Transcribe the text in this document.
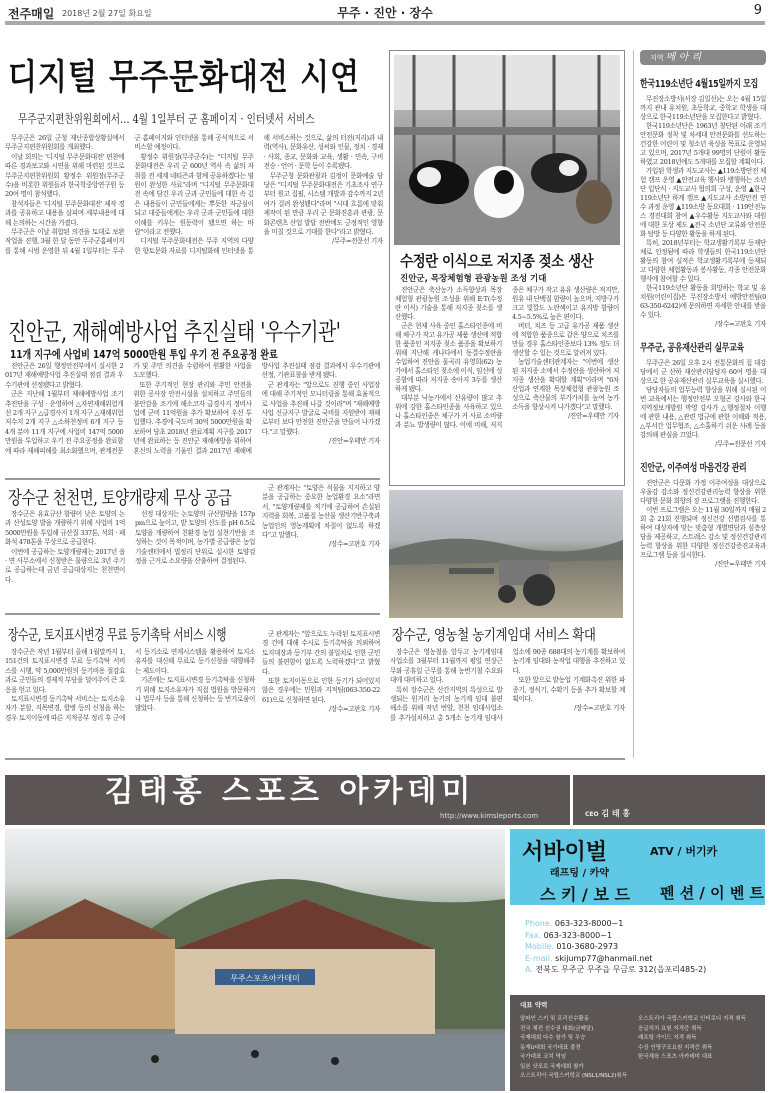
전주매일 2018년 2월 27일 화요일	무주 · 진안 · 장수	9
디지털 무주문화대전 시연
무주군지편찬위원회에서… 4월 1일부터 군 홈페이지 · 인터넷서 서비스

무주군은 26일 군청 재난종합상황실에서 무주군지편찬위원회를 개최했다.

이날 회의는 '디지털 무주문화대전' 편찬에 따른 경과보고와 시연을 위해 마련된 것으로 무주군지편찬위원회 황정수 위원장(무주군수)을 비롯한 위원들과 한국학중앙연구원 등 20여 명이 참석했다.

참석자들은 '디지털 무주문화대전' 제작 경과를 공유하고 내용을 살피며 세부내용에 대해 논의하는 시간을 가졌다.

무주군은 이날 취합된 의견을 토대로 보완작업을 진행, 3월 한 달 동안 무주군홈페이지를 통해 시범 운영한 뒤 4월 1일부터는 무주군 홈페이지와 인터넷을 통해 공식적으로 서비스할 예정이다.

황정수 위원장(무주군수)는 "디지털 무주문화대전은 우리 군 600년 역사 속 삶의 자취를 전 세계 네티즌과 함께 공유하겠다는 염원이 완성한 사료"라며 "디지털 무주문화대전 속에 담긴 우리 군과 군민들에 대한 속 깊은 내용들이 군민들에게는 뿌듯한 자긍심이 되고 대중들에게는 우리 군과 군민들에 대한 이해를 키우는 원동력이 됐으면 하는 바람"이라고 전했다.

디지털 무주문화대전은 무주 지역의 다양한 향토문화 자료를 디지털화해 인터넷을 통해 서비스하는 것으로, 삶의 터전(지리)과 내력(역사), 문화유산, 성씨와 인물, 정치 · 경제 · 사회, 종교, 문화와 교육, 생활 · 민속, 구비전승 · 언어 · 문학 등이 수록됐다.

무주군청 문화관광과 김정이 문화예술 담당은 "디지털 무주문화대전은 기초조사 연구부터 원고 집필, 시스템 개발과 감수까지 2년여가 걸려 완성됐다"라며 "시대 흐름에 맞춰 제작이 된 만큼 우리 군 문화진흥과 관광, 문화콘텐츠 산업 발달 전반에도 긍정적인 영향을 미칠 것으로 기대를 한다"라고 밝혔다.

/무주=전문선 기자
수정란 이식으로 저지종 젖소 생산
진안군, 목장체험형 관광농원 조성 기대

진안군은 축산농가 소득향상과 목장체험형 관광농원 조성을 위해 E·T(수정란 이식) 기술을 통해 저지종 젖소를 생산했다.

군은 현재 사육 중인 홀스타인종에 비해 체구가 작고 유가공 제품 생산에 적합한 품종인 저지종 젖소 품종을 확보하기 위해 지난해 캐나다에서 동결수정란을 수입하여 진안읍 물곡리 유영희(62) 농가에서 홀스타인 젖소에 이식, 임신에 성공함에 따라 저지종 송아지 3두를 생산하게 됐다.

대부분 낙농가에서 산유량이 많고 추위에 강한 홀스타인종을 사육하고 있으나 홀스타인종은 체구가 커 사료 소비량과 분뇨 발생량이 많다. 이에 비해, 저지종은 체구가 작고 유유 생산량은 적지만, 원유 내 단백질 함량이 높으며, 지방구가 크고 빛깔도 노란색이고 유지방 함량이 4.5~5.5%로 높은 편이다.

버터, 치즈 등 고급 유가공 제품 생산에 적합한 품종으로 같은 양으로 치즈를 만들 경우 홀스타인종보다 13% 정도 더 생산할 수 있는 것으로 알려져 있다.

농업기술센터관계자는 "이번에 생산된 저지종 소에서 수정란을 생산하여 저지종 생산을 확대할 계획"이라며 "6차 산업과 연계한 목장체험형 관광농원 조성으로 축산물의 부가가치를 높여 농가소득을 향상시켜 나가겠다"고 말했다.

/진안=우태만 기자
진안군, 재해예방사업 추진실태 '우수기관'
11개 지구에 사업비 147억 5000만원 투입 우기 전 주요공정 완료

진안군은 26일 행정안전부에서 실시한 2017년 재해예방사업 추진실태 점검 결과 우수기관에 선정됐다고 밝혔다.

군은 지난해 1월부터 재해예방사업 조기추진단을 구성 · 운영하여 △자연재해위험개선 2개 지구 △급경사지 1개 지구 △재해위험저수지 2개 지구 △소하천정비 6개 지구 등 4개 분야 11개 지구에 사업비 147억 5000만원을 투입하고 우기 전 주요공정을 완료함에 따라 재해피해를 최소화했으며, 관계전문가 및 주민 의견을 수렴하여 원활한 사업을 도모했다.

또한 주기적인 현장 관리와 주민 안전을 위한 공사장 안전시설을 설치하고 주민들의 불안감을 조기에 해소코자 급경사지 정비사업에 군비 11억원을 추가 확보하여 우선 투입했다. 추경에 국도비 30억 5000만원을 확보하여 당초 2018년 완료계획 지구를 2017년에 완료하는 등 진안군 재해예방을 위하여 혼신의 노력을 기울인 결과 2017년 재해예방사업 추진실태 점검 결과에서 우수기관에 선정, 기관표창을 받게 됐다.

군 관계자는 "앞으로도 진행 중인 사업장에 대해 주기적인 모니터링을 통해 효율적으로 사업을 추진해 나갈 것이라"며 "재해예방사업 신규지구 발굴로 국비를 지원받아 재해로부터 보다 안전한 진안군을 만들어 나가겠다."고 말했다.

/진안=우태만 기자
장수군 천천면, 토양개량제 무상 공급

장수군은 유효규산 함량이 낮은 토양의 논과 산성토양 밭을 개량하기 위해 사업비 1억5000만원을 투입해 규산질 337톤, 석회 · 패화석 478톤을 무상으로 공급한다.

이번에 공급하는 토양개량제는 2017년 읍 · 면 사무소에서 신청받은 물량으로 3년 주기로 공급하는데 금년 공급대상지는 천천면이다.

선정 대상지는 논토양의 규산함량을 157ppm으로 높이고, 밭 토양의 산도를 pH 6.5로 토양을 개량하여 친환경 농업 실천기반을 조성하는 것이 목적이며, 농가별 공급량은 농업기술센터에서 법정리 단위로 실시한 토양검정을 근거로 소요량을 산출하여 결정된다.

군 관계자는 "토양은 식물을 지지하고 양분을 공급하는 중요한 농업환경 요소"라면서, "토양개량제를 적기에 공급하여 손실된 지력을 회복, 고품질 농산물 생산기반구축과 농업인의 영농계획에 차질이 없도록 하겠다"고 말했다.

/장수=고판호 기자
장수군, 토지표시변경 무료 등기촉탁 서비스 시행

장수군은 작년 1월부터 올해 1월말까지 1,151건의 토지표시변경 무료 등기촉탁 서비스를 시행, 약 5,000만원의 등기비용 절감효과로 군민들의 경제적 부담을 덜어주어 큰 호응을 얻고 있다.

토지표시변경 등기촉탁 서비스는 토지소유자가 분할, 지목변경, 합병 등의 신청을 하는 경우 토지이동에 따른 지적공부 정리 후 군에서 등기소로 연계시스템을 활용하여 토지소유자를 대신해 무료로 등기신청을 대행해주는 제도이다.

기존에는 토지표시변경 등기촉탁을 신청하기 위해 토지소유자가 직접 법원을 방문하거나 법무사 등을 통해 신청하는 등 번거로움이 많았다.

군 관계자는 "앞으로도 누락된 토지표시변경 건에 대해 수시로 등기촉탁을 의뢰하여 토지대장과 등기부 간의 불일치로 인한 군민들의 불편함이 없도록 노력하겠다"고 밝혔다.

또한 토지이동으로 인한 등기가 되어있지 않은 경우에는 민원과 지적팀(063-350-2261)으로 신청하면 된다.

/장수=고판호 기자
장수군, 영농철 농기계임대 서비스 확대

장수군은 영농철을 앞두고 농기계임대사업소를 3월부터 11월까지 평일 연장근무와 공휴일 근무를 통해 농번기철 수요와대에 대비하고 있다.

특히 장수군은 산간지역의 특성으로 발생되는 원거리 농기의 농기계 임대 불편 해소를 위해 작년 번암, 천천 임대사업소를 추가설치하고 총 5개소 농기계 임대사업소에 90종 688대의 농기계를 확보하여 농기계 임대와 농작업 대행을 추진하고 있다.

또한 앞으로 밭농업 기계화촉진 위한 파종기, 정식기, 수확기 등을 추가 확보할 계획이다.

/장수=고판호 기자
지역 메 아 리
한국119소년단 4월15일까지 모집

무진장소방서(서장 김일선)는 오는 4월 15일까지 관내 유치원, 초등학교, 중학교 학생을 대상으로 한국119소년단을 모집한다고 밝혔다.

한국119소년단은 1963년 창단된 이래 조기 안전문화 정착 및 차세대 안전문화를 선도하는 건강한 어린이 및 청소년 육성을 목표로 운영되고 있으며, 2017년 5개대 99명의 단원이 활동하였고 2018년에도 5개대를 모집할 계획이다.

가입된 학생과 지도교사는 ▲119소방안전 체험 캠프 운영 ▲안전교육 행사와 병행하는 소년단 입단식 · 지도교사 협의회 구성, 운영 ▲한국119소년단 하계 캠프 ▲지도교사 소방안전 연수 과정 운영 ▲119소방 동요대회 · 119안전뉴스 경진대회 참여 ▲우수활동 지도교사와 대원에 대한 포상 제도 ▲전국 소년단 교류와 안전문화 탐방 등 다양한 활동을 하게 된다.

특히, 2018년부터는 학교생활기록부 등재단체로 인정됨에 따라 학생들의 한국119소년단 활동의 참여 실적은 학교생활기록부에 등재되고 다양한 체험활동과 봉사활동, 각종 안전문화 행사에 참여할 수 있다.

한국119소년단 활동을 희망하는 학교 및 유치원(어린이집)은 무진장소방서 예방안전팀(063-350-6242)에 문의하면 자세한 안내를 받을 수 있다.

/장수=고판호 기자
무주군, 공유재산관리 실무교육

무주군은 26일 오후 2시 전통문화의 집 대강당에서 군 산하 재산관리담당자 60여 명을 대상으로 한 공유재산관리 실무교육을 실시했다.

담당자들의 업무능력 향상을 위해 실시된 이번 교육에서는 행정안전부 오형곤 강사와 한국지역정보개발원 박영 강사가 △행정절차 이행에 관한 내용, △관련 법규에 관한 이해와 적용, △부서간 업무협조, △소홀하기 쉬운 사례 등을 강의해 관심을 끄었다.

/무주=전문선 기자
진안군, 이주여성 마음건강 관리

진안군은 다문화 가정 이주여성을 대상으로 우울감 감소와 정신건강관리능력 향상을 위한 다양한 문화 회향의 장 프로그램을 진행한다.

이번 프로그램은 오는 11월 30일까지 매월 2회 총 21회 진행되며 정신건강 선별검사를 통하여 대상자에 맞는 맞춤형 개별면담과 심층상담을 제공하고, 스트레스 감소 및 정신건강관리능력 향상을 위한 다양한 정신건강증진교육과 프로그램 등을 실시한다.

/진안=우태만 기자
김태홍 스포츠 아카데미
http://www.kimsleports.com	CEO 김 태 홍
무주스포츠아카데미
서바이벌	ATV / 버기카
래프팅 / 카약
스 키 / 보 드 펜 션 / 이 벤 트
Phone. 063-323-8000~1
Fax. 063-323-8000~1
Mobile. 010-3680-2973
E-mail. skijump77@hanmail.net
A. 전북도 무주군 무주읍 무금로 312(읍포리485-2)
대표 약력
알파인 스키 및 프리선수활동
전국 체전 선수권 대회(금메달)
국제대회 다수 참가 및 우승
동계U대회 국가대표 출전
국가대표 코치 역임
일본 삿포로 국제대회 참가
오스트리아 국립스키학교 (NSL1/NSL2)취득
오스트리아 국립스키학교 인터로디 지격 취득
응급처치 요원 지격증 취득
래프팅 가이드 지격 취득
수상 인명구조요원 지격증 취득
한국체육 스포츠 아카데미 대표
